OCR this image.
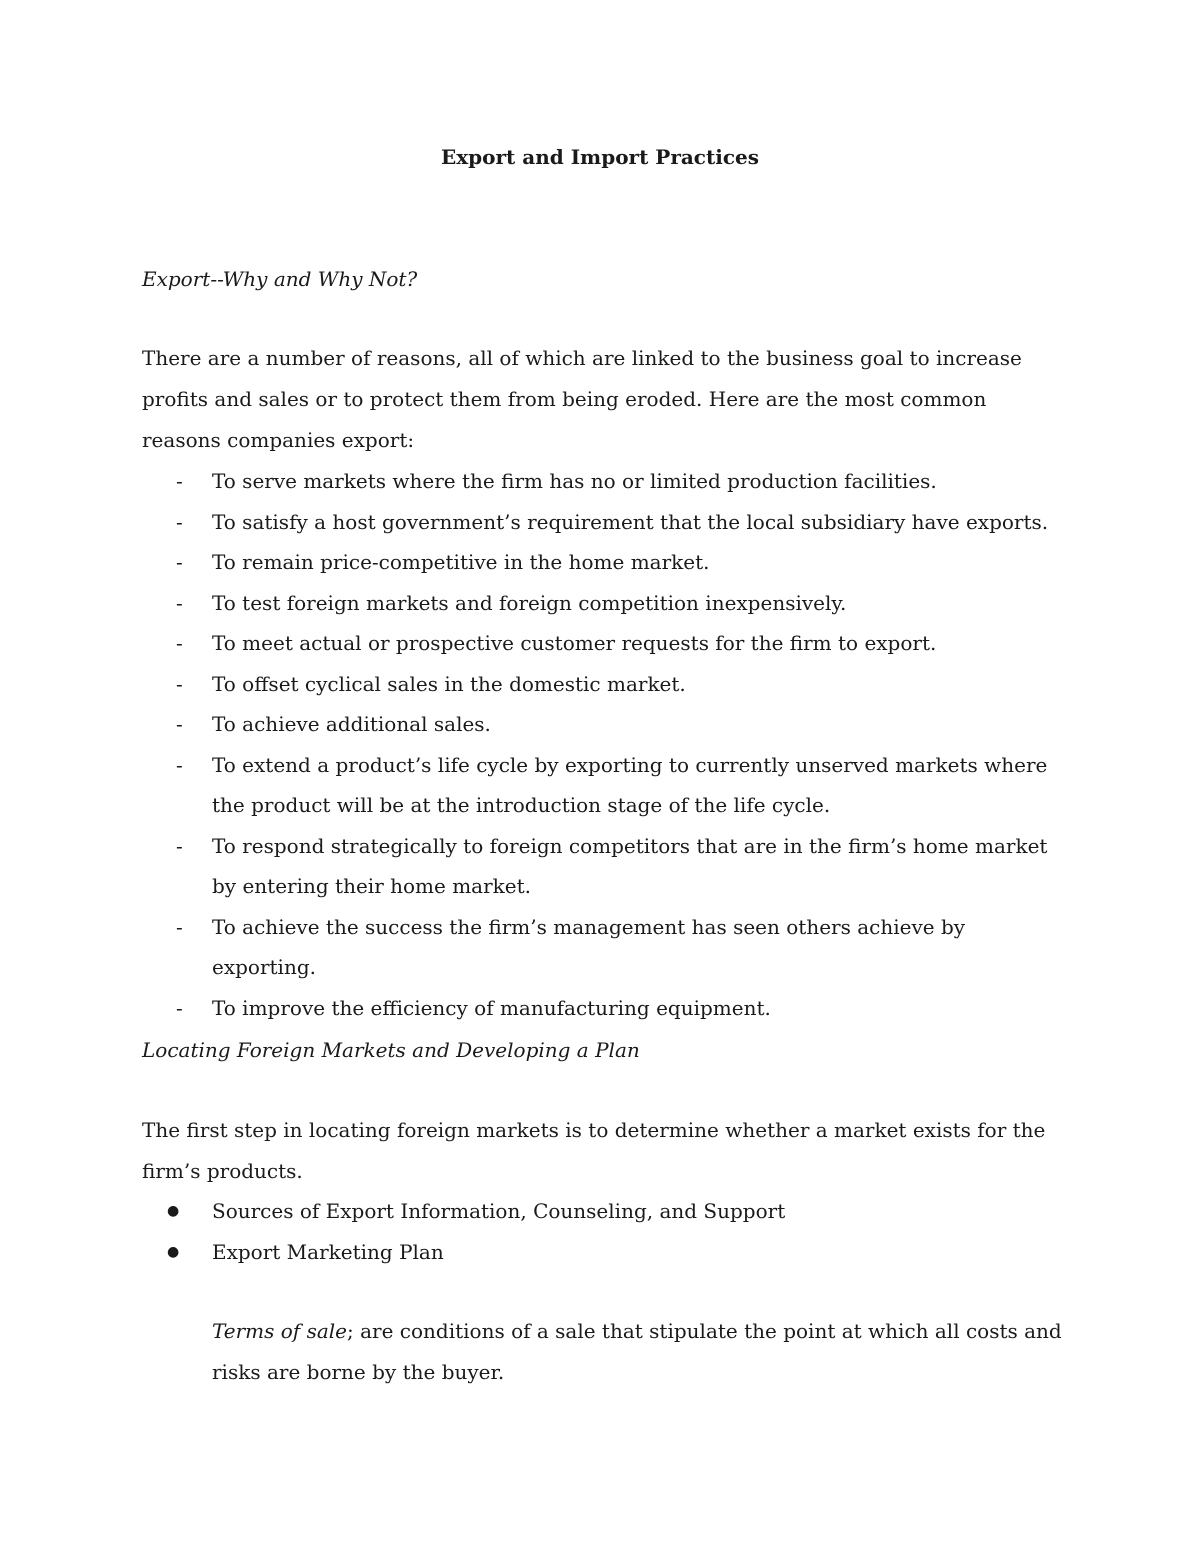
Export and Import Practices
Export--Why and Why Not?
There are a number of reasons, all of which are linked to the business goal to increase profits and sales or to protect them from being eroded. Here are the most common reasons companies export:
- To serve markets where the firm has no or limited production facilities.
- To satisfy a host government’s requirement that the local subsidiary have exports.
- To remain price-competitive in the home market.
- To test foreign markets and foreign competition inexpensively.
- To meet actual or prospective customer requests for the firm to export.
- To offset cyclical sales in the domestic market.
- To achieve additional sales.
- To extend a product’s life cycle by exporting to currently unserved markets where the product will be at the introduction stage of the life cycle.
- To respond strategically to foreign competitors that are in the firm’s home market by entering their home market.
- To achieve the success the firm’s management has seen others achieve by exporting.
- To improve the efficiency of manufacturing equipment.
Locating Foreign Markets and Developing a Plan
The first step in locating foreign markets is to determine whether a market exists for the firm’s products.
● Sources of Export Information, Counseling, and Support
● Export Marketing Plan
Terms of sale; are conditions of a sale that stipulate the point at which all costs and risks are borne by the buyer.
